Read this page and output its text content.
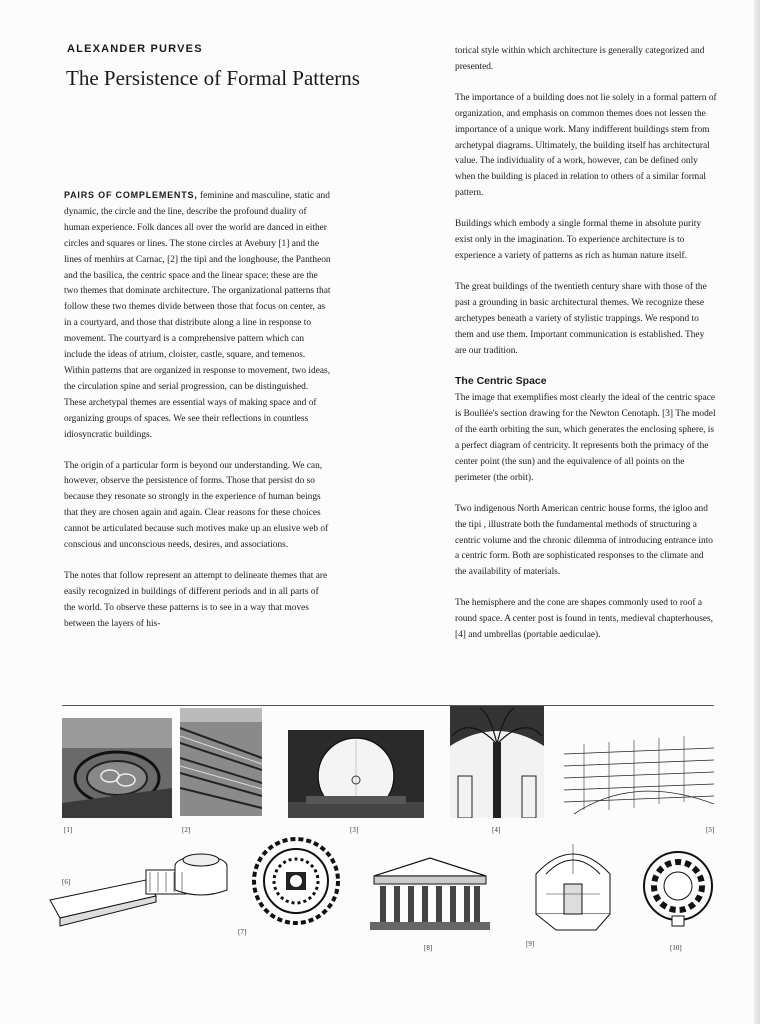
ALEXANDER PURVES
The Persistence of Formal Patterns

PAIRS OF COMPLEMENTS, feminine and masculine, static and dynamic, the circle and the line, describe the profound duality of human experience. Folk dances all over the world are danced in either circles and squares or lines. The stone circles at Avebury [1] and the lines of menhirs at Carnac, [2] the tipi and the longhouse, the Pantheon and the basilica, the centric space and the linear space: these are the two themes that dominate architecture. The organizational patterns that follow these two themes divide between those that focus on center, as in a courtyard, and those that distribute along a line in response to movement. The courtyard is a comprehensive pattern which can include the ideas of atrium, cloister, castle, square, and temenos. Within patterns that are organized in response to movement, two ideas, the circulation spine and serial progression, can be distinguished. These archetypal themes are essential ways of making space and of organizing groups of spaces. We see their reflections in countless idiosyncratic buildings.

The origin of a particular form is beyond our understanding. We can, however, observe the persistence of forms. Those that persist do so because they resonate so strongly in the experience of human beings that they are chosen again and again. Clear reasons for these choices cannot be articulated because such motives make up an elusive web of conscious and unconscious needs, desires, and associations.

The notes that follow represent an attempt to delineate themes that are easily recognized in buildings of different periods and in all parts of the world. To observe these patterns is to see in a way that moves between the layers of his-

torical style within which architecture is generally categorized and presented.

The importance of a building does not lie solely in a formal pattern of organization, and emphasis on common themes does not lessen the importance of a unique work. Many indifferent buildings stem from archetypal diagrams. Ultimately, the building itself has architectural value. The individuality of a work, however, can be defined only when the building is placed in relation to others of a similar formal pattern.

Buildings which embody a single formal theme in absolute purity exist only in the imagination. To experience architecture is to experience a variety of patterns as rich as human nature itself.

The great buildings of the twentieth century share with those of the past a grounding in basic architectural themes. We recognize these archetypes beneath a variety of stylistic trappings. We respond to them and use them. Important communication is established. They are our tradition.

The Centric Space

The image that exemplifies most clearly the ideal of the centric space is Boullée's section drawing for the Newton Cenotaph. [3] The model of the earth orbiting the sun, which generates the enclosing sphere, is a perfect diagram of centricity. It represents both the primacy of the center point (the sun) and the equivalence of all points on the perimeter (the orbit).

Two indigenous North American centric house forms, the igloo and the tipi , illustrate both the fundamental methods of structuring a centric volume and the chronic dilemma of introducing entrance into a centric form. Both are sophisticated responses to the climate and the availability of materials.

The hemisphere and the cone are shapes commonly used to roof a round space. A center post is found in tents, medieval chapterhouses, [4] and umbrellas (portable aediculae).

[1]	[2]	[3]	[4]	[5]
[6]
[7]
[8]	[9]	[10]
